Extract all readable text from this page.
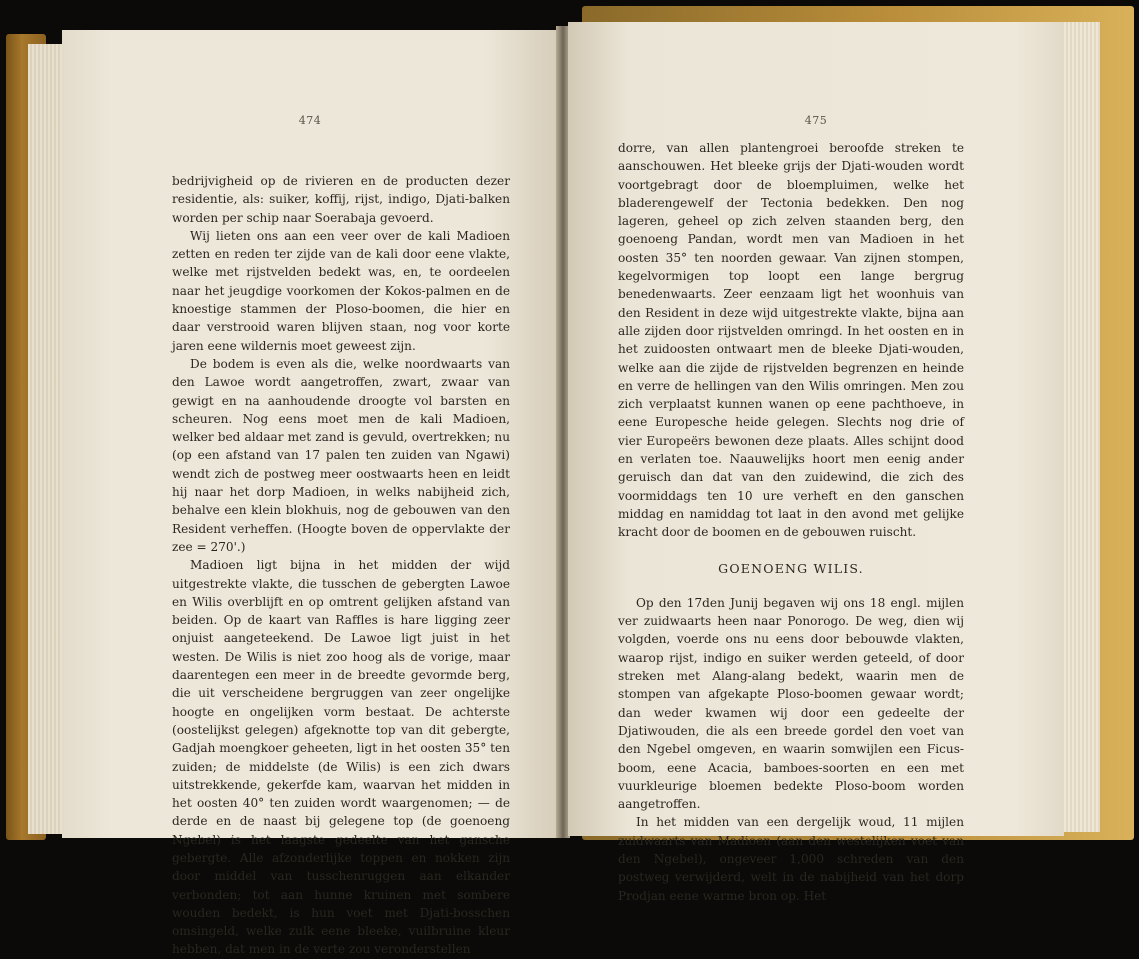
474

bedrijvigheid op de rivieren en de producten dezer residentie, als: suiker, koffij, rijst, indigo, Djati-balken worden per schip naar Soerabaja gevoerd.

Wij lieten ons aan een veer over de kali Madioen zetten en reden ter zijde van de kali door eene vlakte, welke met rijstvelden bedekt was, en, te oordeelen naar het jeugdige voorkomen der Kokos-palmen en de knoestige stammen der Ploso-boomen, die hier en daar verstrooid waren blijven staan, nog voor korte jaren eene wildernis moet geweest zijn.

De bodem is even als die, welke noordwaarts van den Lawoe wordt aangetroffen, zwart, zwaar van gewigt en na aanhoudende droogte vol barsten en scheuren. Nog eens moet men de kali Madioen, welker bed aldaar met zand is gevuld, overtrekken; nu (op een afstand van 17 palen ten zuiden van Ngawi) wendt zich de postweg meer oostwaarts heen en leidt hij naar het dorp Madioen, in welks nabijheid zich, behalve een klein blokhuis, nog de gebouwen van den Resident verheffen. (Hoogte boven de oppervlakte der zee = 270'.)

Madioen ligt bijna in het midden der wijd uitgestrekte vlakte, die tusschen de gebergten Lawoe en Wilis overblijft en op omtrent gelijken afstand van beiden. Op de kaart van Raffles is hare ligging zeer onjuist aangeteekend. De Lawoe ligt juist in het westen. De Wilis is niet zoo hoog als de vorige, maar daarentegen een meer in de breedte gevormde berg, die uit verscheidene bergruggen van zeer ongelijke hoogte en ongelijken vorm bestaat. De achterste (oostelijkst gelegen) afgeknotte top van dit gebergte, Gadjah moengkoer geheeten, ligt in het oosten 35° ten zuiden; de middelste (de Wilis) is een zich dwars uitstrekkende, gekerfde kam, waarvan het midden in het oosten 40° ten zuiden wordt waargenomen; — de derde en de naast bij gelegene top (de goenoeng Ngebel) is het laagste gedeelte van het gansche gebergte. Alle afzonderlijke toppen en nokken zijn door middel van tusschenruggen aan elkander verbonden; tot aan hunne kruinen met sombere wouden bedekt, is hun voet met Djati-bosschen omsingeld, welke zulk eene bleeke, vuilbruine kleur hebben, dat men in de verte zou veronderstellen

475

dorre, van allen plantengroei beroofde streken te aanschouwen. Het bleeke grijs der Djati-wouden wordt voortgebragt door de bloempluimen, welke het bladerengewelf der Tectonia bedekken. Den nog lageren, geheel op zich zelven staanden berg, den goenoeng Pandan, wordt men van Madioen in het oosten 35° ten noorden gewaar. Van zijnen stompen, kegelvormigen top loopt een lange bergrug benedenwaarts. Zeer eenzaam ligt het woonhuis van den Resident in deze wijd uitgestrekte vlakte, bijna aan alle zijden door rijstvelden omringd. In het oosten en in het zuidoosten ontwaart men de bleeke Djati-wouden, welke aan die zijde de rijstvelden begrenzen en heinde en verre de hellingen van den Wilis omringen. Men zou zich verplaatst kunnen wanen op eene pachthoeve, in eene Europesche heide gelegen. Slechts nog drie of vier Europeërs bewonen deze plaats. Alles schijnt dood en verlaten toe. Naauwelijks hoort men eenig ander geruisch dan dat van den zuidewind, die zich des voormiddags ten 10 ure verheft en den ganschen middag en namiddag tot laat in den avond met gelijke kracht door de boomen en de gebouwen ruischt.

GOENOENG WILIS.

Op den 17den Junij begaven wij ons 18 engl. mijlen ver zuidwaarts heen naar Ponorogo. De weg, dien wij volgden, voerde ons nu eens door bebouwde vlakten, waarop rijst, indigo en suiker werden geteeld, of door streken met Alang-alang bedekt, waarin men de stompen van afgekapte Ploso-boomen gewaar wordt; dan weder kwamen wij door een gedeelte der Djatiwouden, die als een breede gordel den voet van den Ngebel omgeven, en waarin somwijlen een Ficus-boom, eene Acacia, bamboes-soorten en een met vuurkleurige bloemen bedekte Ploso-boom worden aangetroffen.

In het midden van een dergelijk woud, 11 mijlen zuidwaarts van Madioen (aan den westelijken voet van den Ngebel), ongeveer 1,000 schreden van den postweg verwijderd, welt in de nabijheid van het dorp Prodjan eene warme bron op. Het
